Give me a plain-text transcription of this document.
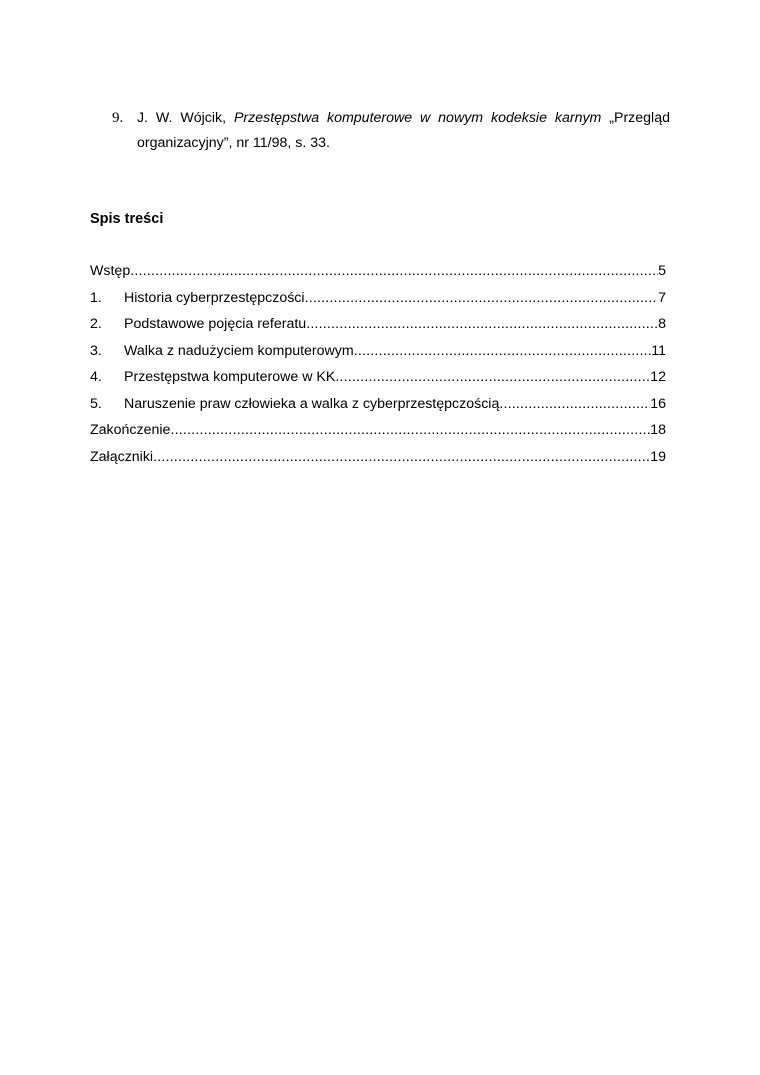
9. J. W. Wójcik, Przestępstwa komputerowe w nowym kodeksie karnym „Przegląd
organizacyjny”, nr 11/98, s. 33.
Spis treści
Wstęp .....	5
1.	Historia cyberprzestępczości .....	7
2.	Podstawowe pojęcia referatu .....	8
3.	Walka z nadużyciem komputerowym .....	11
4.	Przestępstwa komputerowe w KK .....	12
5.	Naruszenie praw człowieka a walka z cyberprzestępczością .....	16
Zakończenie .....	18
Załączniki .....	19
